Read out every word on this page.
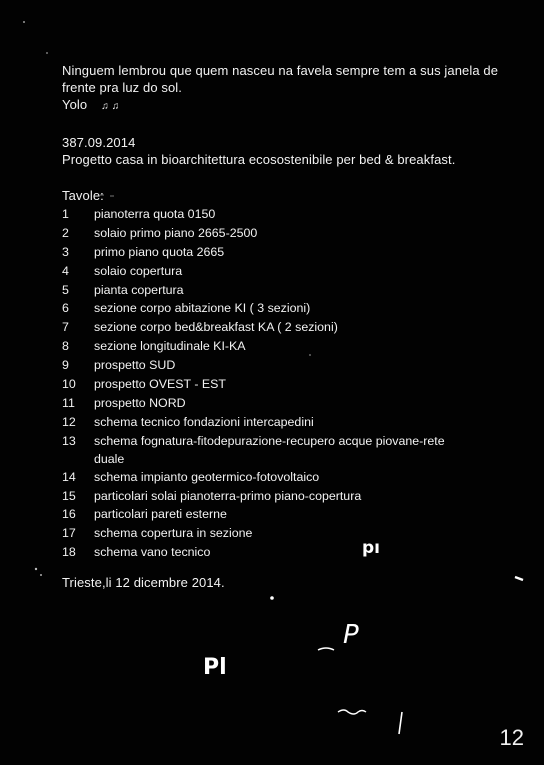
Ninguem lembrou que quem nasceu na favela sempre tem a sus janela de
frente pra luz do sol.
Yolo ♫ ♫
387.09.2014
Progetto casa in bioarchitettura ecosostenibile per bed & breakfast.
Tavole:
1	pianoterra quota 0150
2	solaio primo piano 2665-2500
3	primo piano quota 2665
4	solaio copertura
5	pianta copertura
6	sezione corpo abitazione KI ( 3 sezioni)
7	sezione corpo bed&breakfast KA ( 2 sezioni)
8	sezione longitudinale KI-KA
9	prospetto SUD
10	prospetto OVEST - EST
11	prospetto NORD
12	schema tecnico fondazioni intercapedini
13	schema fognatura-fitodepurazione-recupero acque piovane-rete duale
14	schema impianto geotermico-fotovoltaico
15	particolari solai pianoterra-primo piano-copertura
16	particolari pareti esterne
17	schema copertura in sezione
18	schema vano tecnico	pı
Trieste,li 12 dicembre 2014.
P
Pl
12
